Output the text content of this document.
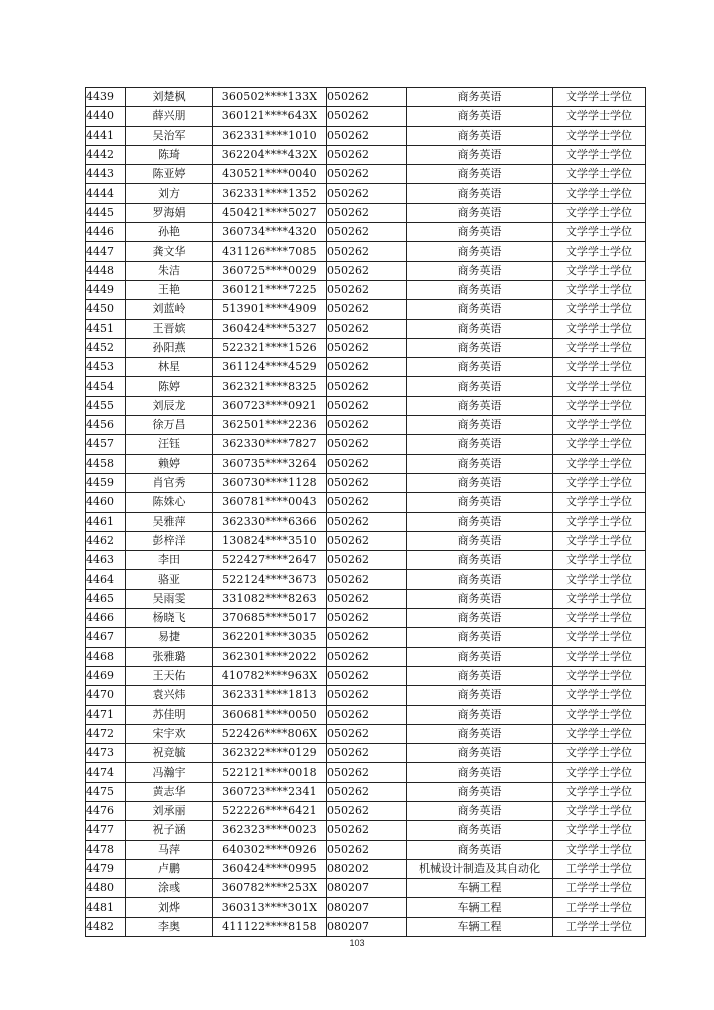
4439	刘楚枫	360502****133X	050262	商务英语	文学学士学位
4440	薛兴朋	360121****643X	050262	商务英语	文学学士学位
4441	吴治军	362331****1010	050262	商务英语	文学学士学位
4442	陈琦	362204****432X	050262	商务英语	文学学士学位
4443	陈亚婷	430521****0040	050262	商务英语	文学学士学位
4444	刘方	362331****1352	050262	商务英语	文学学士学位
4445	罗海娟	450421****5027	050262	商务英语	文学学士学位
4446	孙艳	360734****4320	050262	商务英语	文学学士学位
4447	龚文华	431126****7085	050262	商务英语	文学学士学位
4448	朱洁	360725****0029	050262	商务英语	文学学士学位
4449	王艳	360121****7225	050262	商务英语	文学学士学位
4450	刘蓝岭	513901****4909	050262	商务英语	文学学士学位
4451	王晋嫔	360424****5327	050262	商务英语	文学学士学位
4452	孙阳燕	522321****1526	050262	商务英语	文学学士学位
4453	林星	361124****4529	050262	商务英语	文学学士学位
4454	陈婷	362321****8325	050262	商务英语	文学学士学位
4455	刘辰龙	360723****0921	050262	商务英语	文学学士学位
4456	徐万昌	362501****2236	050262	商务英语	文学学士学位
4457	汪钰	362330****7827	050262	商务英语	文学学士学位
4458	赖婷	360735****3264	050262	商务英语	文学学士学位
4459	肖官秀	360730****1128	050262	商务英语	文学学士学位
4460	陈姝心	360781****0043	050262	商务英语	文学学士学位
4461	吴雅萍	362330****6366	050262	商务英语	文学学士学位
4462	彭梓洋	130824****3510	050262	商务英语	文学学士学位
4463	李田	522427****2647	050262	商务英语	文学学士学位
4464	骆亚	522124****3673	050262	商务英语	文学学士学位
4465	吴雨雯	331082****8263	050262	商务英语	文学学士学位
4466	杨晓飞	370685****5017	050262	商务英语	文学学士学位
4467	易捷	362201****3035	050262	商务英语	文学学士学位
4468	张雅璐	362301****2022	050262	商务英语	文学学士学位
4469	王天佑	410782****963X	050262	商务英语	文学学士学位
4470	袁兴炜	362331****1813	050262	商务英语	文学学士学位
4471	苏佳明	360681****0050	050262	商务英语	文学学士学位
4472	宋宇欢	522426****806X	050262	商务英语	文学学士学位
4473	祝竞毓	362322****0129	050262	商务英语	文学学士学位
4474	冯瀚宇	522121****0018	050262	商务英语	文学学士学位
4475	黄志华	360723****2341	050262	商务英语	文学学士学位
4476	刘承丽	522226****6421	050262	商务英语	文学学士学位
4477	祝子涵	362323****0023	050262	商务英语	文学学士学位
4478	马萍	640302****0926	050262	商务英语	文学学士学位
4479	卢鹏	360424****0995	080202	机械设计制造及其自动化	工学学士学位
4480	涂彧	360782****253X	080207	车辆工程	工学学士学位
4481	刘烨	360313****301X	080207	车辆工程	工学学士学位
4482	李奥	411122****8158	080207	车辆工程	工学学士学位
103
